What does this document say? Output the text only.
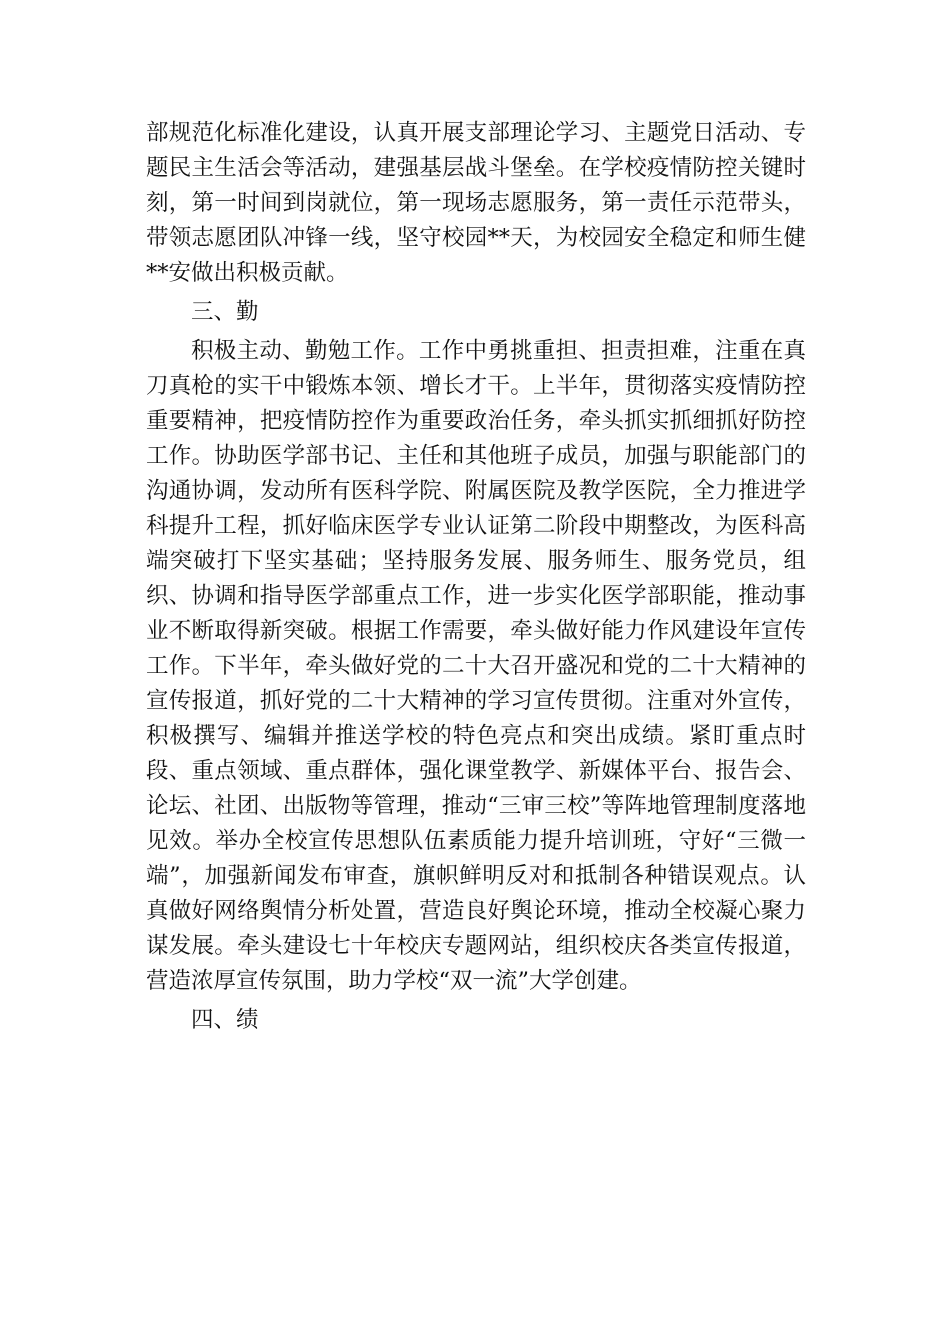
部规范化标准化建设，认真开展支部理论学习、主题党日活动、专题民主生活会等活动，建强基层战斗堡垒。在学校疫情防控关键时刻，第一时间到岗就位，第一现场志愿服务，第一责任示范带头，带领志愿团队冲锋一线，坚守校园**天，为校园安全稳定和师生健**安做出积极贡献。

三、勤

积极主动、勤勉工作。工作中勇挑重担、担责担难，注重在真刀真枪的实干中锻炼本领、增长才干。上半年，贯彻落实疫情防控重要精神，把疫情防控作为重要政治任务，牵头抓实抓细抓好防控工作。协助医学部书记、主任和其他班子成员，加强与职能部门的沟通协调，发动所有医科学院、附属医院及教学医院，全力推进学科提升工程，抓好临床医学专业认证第二阶段中期整改，为医科高端突破打下坚实基础；坚持服务发展、服务师生、服务党员，组织、协调和指导医学部重点工作，进一步实化医学部职能，推动事业不断取得新突破。根据工作需要，牵头做好能力作风建设年宣传工作。下半年，牵头做好党的二十大召开盛况和党的二十大精神的宣传报道，抓好党的二十大精神的学习宣传贯彻。注重对外宣传，积极撰写、编辑并推送学校的特色亮点和突出成绩。紧盯重点时段、重点领域、重点群体，强化课堂教学、新媒体平台、报告会、论坛、社团、出版物等管理，推动“三审三校”等阵地管理制度落地见效。举办全校宣传思想队伍素质能力提升培训班，守好“三微一端”，加强新闻发布审查，旗帜鲜明反对和抵制各种错误观点。认真做好网络舆情分析处置，营造良好舆论环境，推动全校凝心聚力谋发展。牵头建设七十年校庆专题网站，组织校庆各类宣传报道，营造浓厚宣传氛围，助力学校“双一流”大学创建。

四、绩
